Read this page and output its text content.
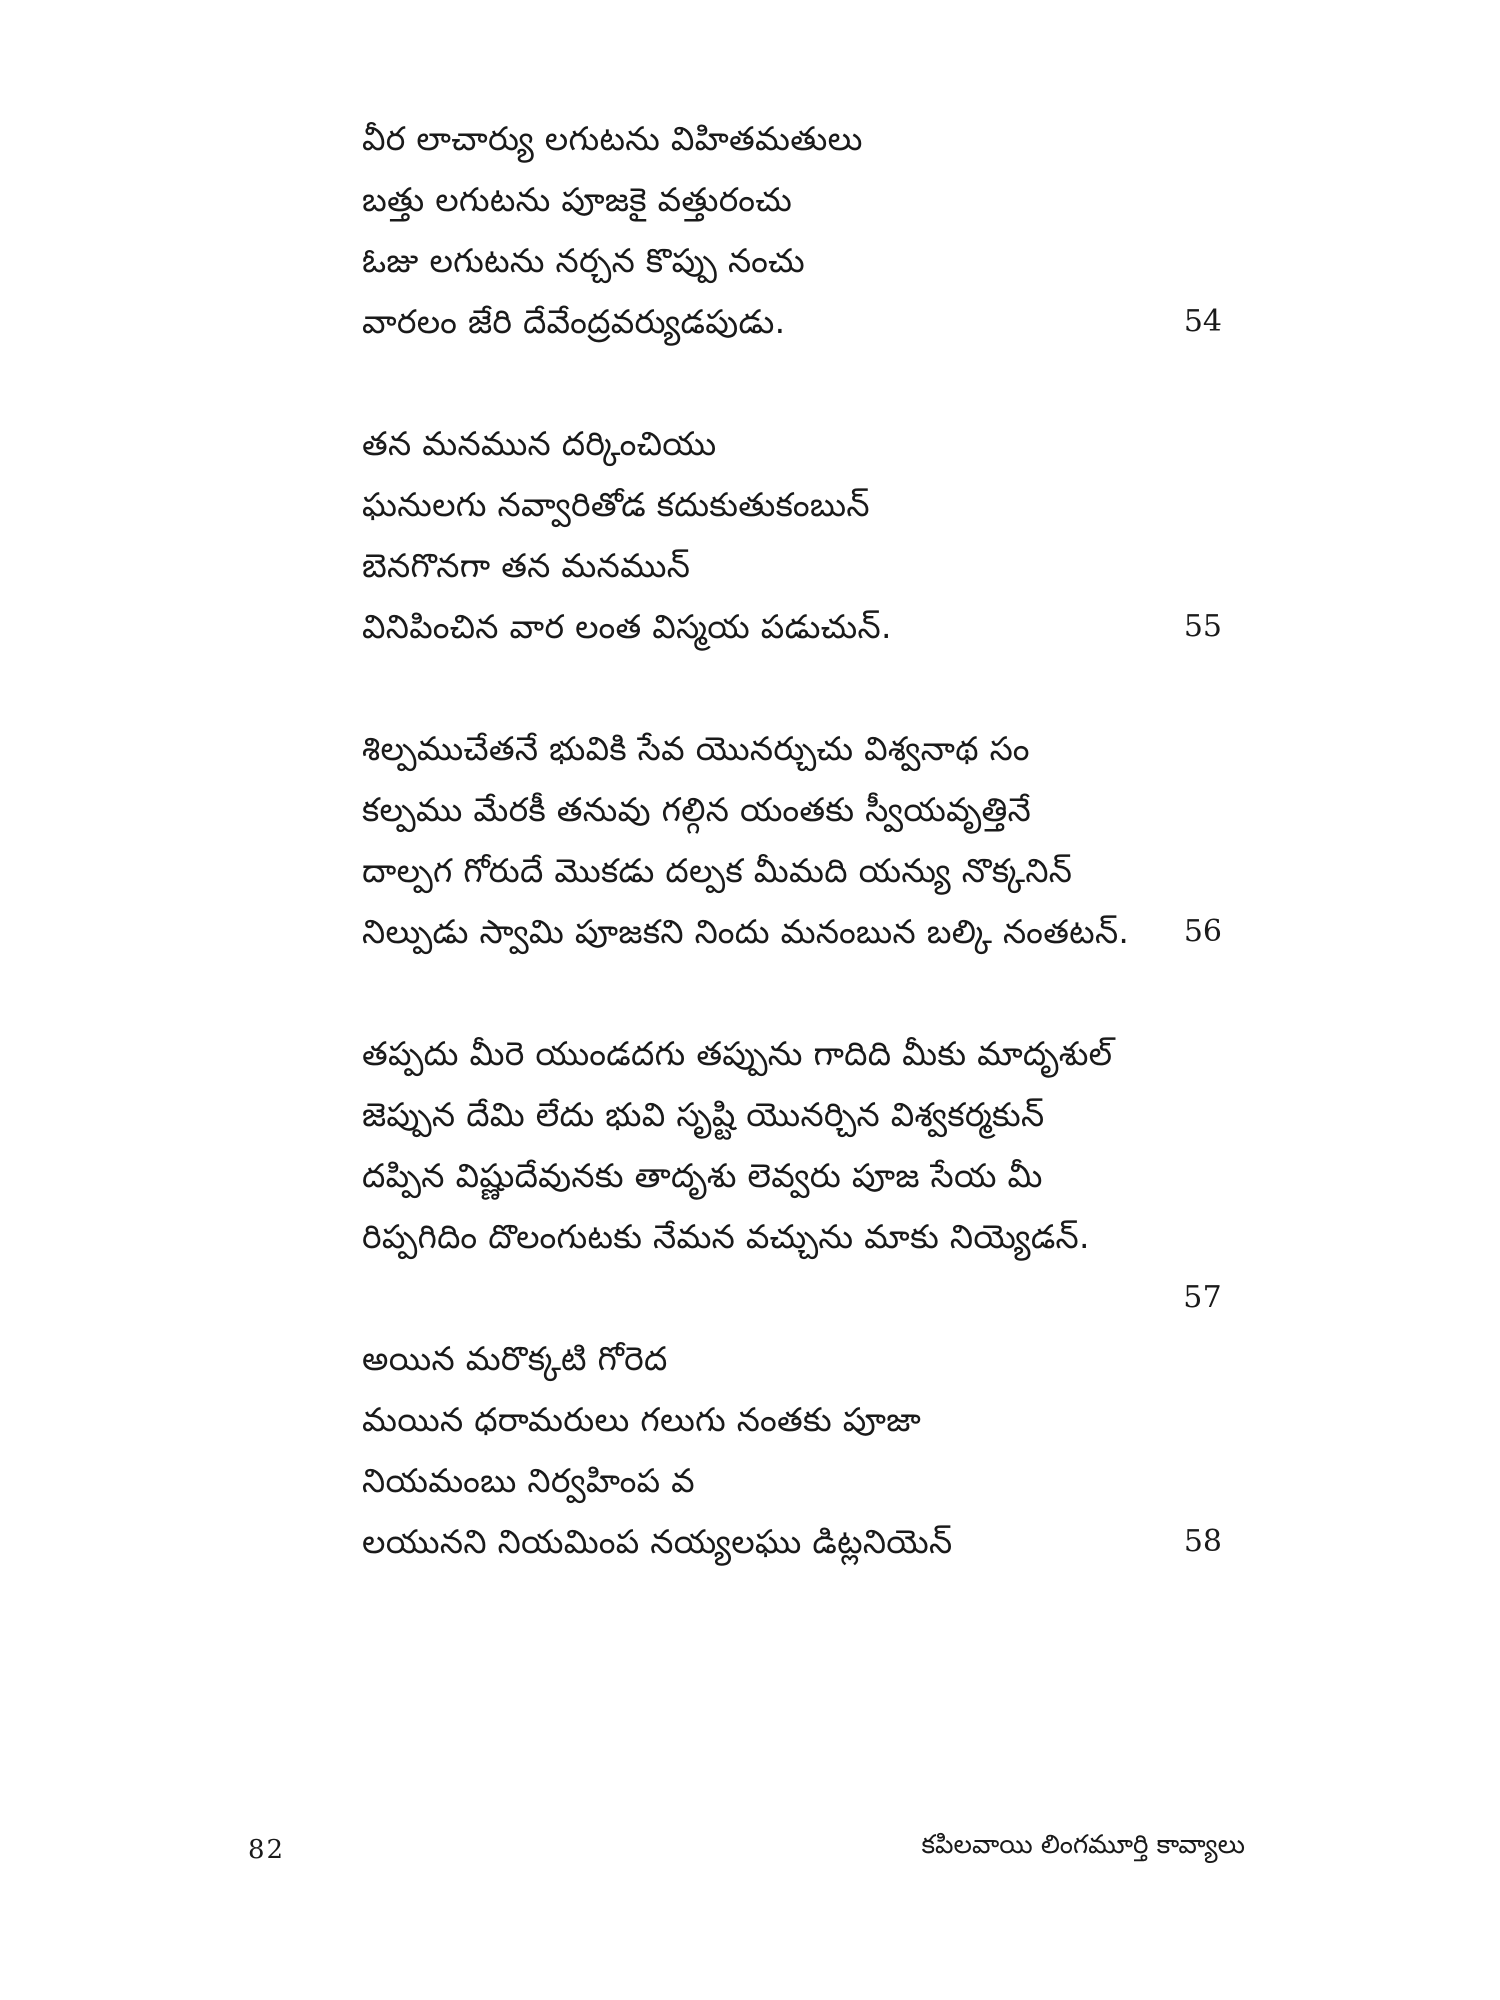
వీర లాచార్యు లగుటను విహితమతులు
బత్తు లగుటను పూజకై వత్తురంచు
ఓజు లగుటను నర్చన కొప్పు నంచు
వారలం జేరి దేవేంద్రవర్యుడపుడు.	54
తన మనమున దర్కించియు
ఘనులగు నవ్వారితోడ కదుకుతుకంబున్
బెనగొనగా తన మనమున్
వినిపించిన వార లంత విస్మయ పడుచున్.	55
శిల్పముచేతనే భువికి సేవ యొనర్చుచు విశ్వనాథ సం
కల్పము మేరకీ తనువు గల్గిన యంతకు స్వీయవృత్తినే
దాల్పగ గోరుదే మొకడు దల్పక మీమది యన్యు నొక్కనిన్
నిల్పుడు స్వామి పూజకని నిందు మనంబున బల్కి నంతటన్.	56
తప్పదు మీరె యుండదగు తప్పును గాదిది మీకు మాదృశుల్
జెప్పున దేమి లేదు భువి సృష్టి యొనర్చిన విశ్వకర్మకున్
దప్పిన విష్ణుదేవునకు తాదృశు లెవ్వరు పూజ సేయ మీ
రిప్పగిదిం దొలంగుటకు నేమన వచ్చును మాకు నియ్యెడన్.
57
అయిన మరొక్కటి గోరెద
మయిన ధరామరులు గలుగు నంతకు పూజా
నియమంబు నిర్వహింప వ
లయునని నియమింప నయ్యలఘు డిట్లనియెన్	58
82	కపిలవాయి లింగమూర్తి కావ్యాలు
